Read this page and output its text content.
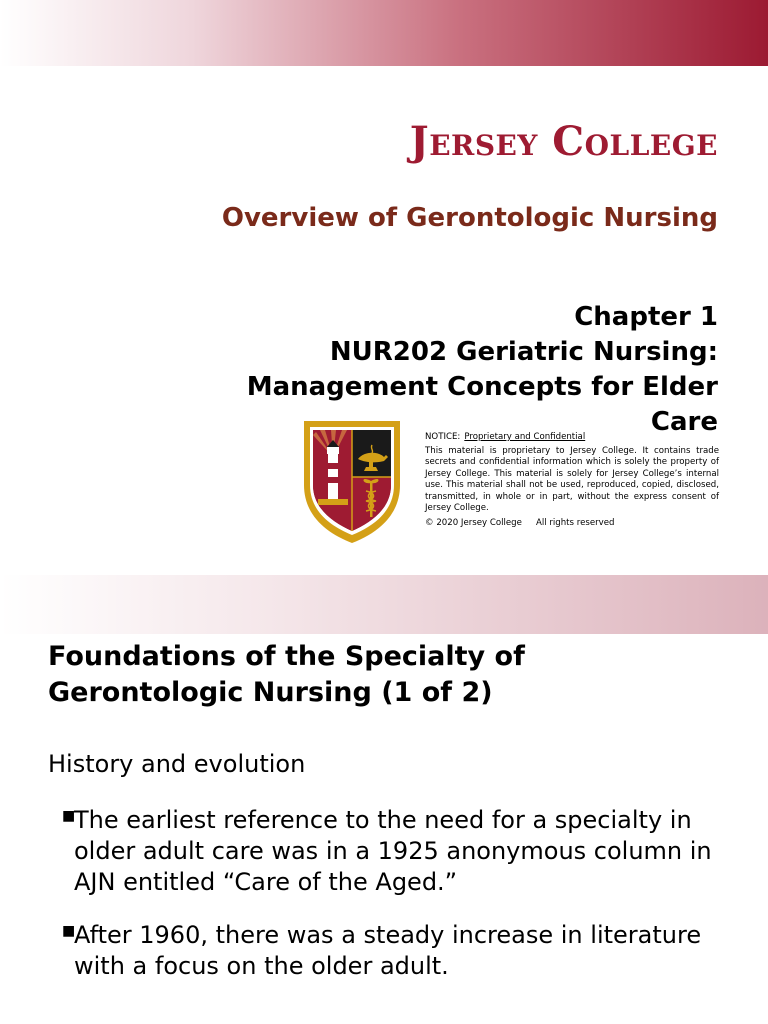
Jersey College
Overview of Gerontologic Nursing
Chapter 1
NUR202 Geriatric Nursing:
Management Concepts for Elder
Care
NOTICE: Proprietary and Confidential
This material is proprietary to Jersey College. It contains trade secrets and confidential information which is solely the property of Jersey College. This material is solely for Jersey College’s internal use. This material shall not be used, reproduced, copied, disclosed, transmitted, in whole or in part, without the express consent of Jersey College.
© 2020 Jersey College All rights reserved
Foundations of the Specialty of Gerontologic Nursing (1 of 2)
History and evolution
■
The earliest reference to the need for a specialty in older adult care was in a 1925 anonymous column in AJN entitled “Care of the Aged.”
■
After 1960, there was a steady increase in literature with a focus on the older adult.
